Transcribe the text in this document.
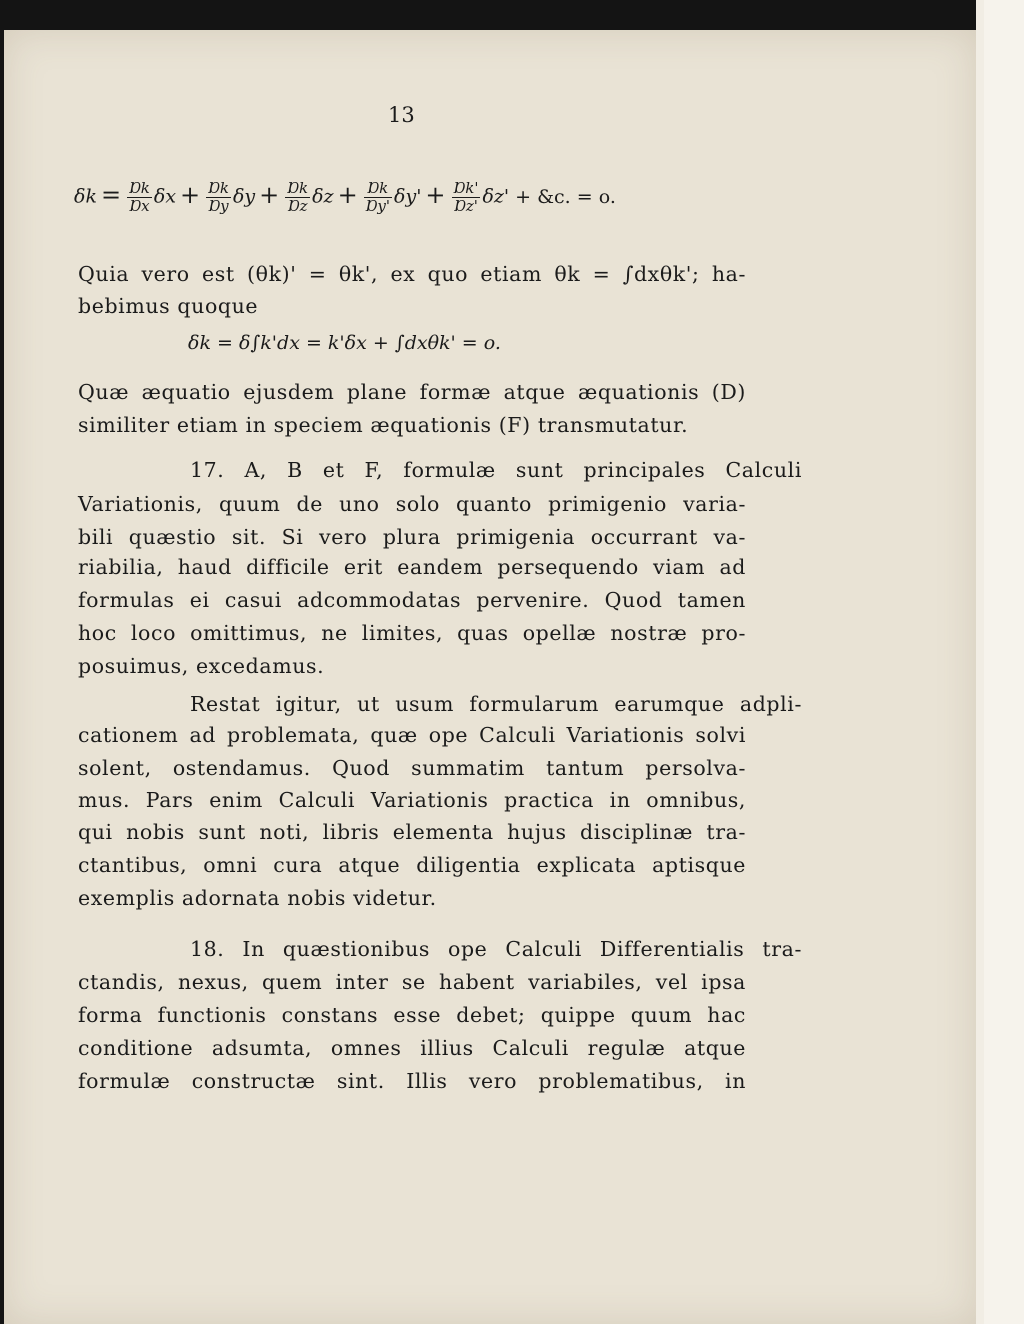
13
$\delta k = \frac{\text{Ɒk}}{\text{Ɒx}}$ $\delta x + \frac{\text{Ɒk}}{\text{Ɒy}}$ $\delta y + \frac{\text{Ɒk}}{\text{Ɒz}}$ $\delta z + \frac{\text{Ɒk}}{\text{Ɒy'}} \delta y' + \frac{\text{Ɒk'}}{\text{Ɒz'}} \delta z'$ + &c. = o.
Quia vero est (θk)' = θk', ex quo etiam θk = ∫dxθk'; ha-
bebimus quoque
δk = δ∫k'dx = k'δx + ∫dxθk' = o.
Quæ æquatio ejusdem plane formæ atque æquationis (D)
similiter etiam in speciem æquationis (F) transmutatur.
17. A, B et F, formulæ sunt principales Calculi
Variationis, quum de uno solo quanto primigenio varia-
bili quæstio sit. Si vero plura primigenia occurrant va-
riabilia, haud difficile erit eandem persequendo viam ad
formulas ei casui adcommodatas pervenire. Quod tamen
hoc loco omittimus, ne limites, quas opellæ nostræ pro-
posuimus, excedamus.
Restat igitur, ut usum formularum earumque adpli-
cationem ad problemata, quæ ope Calculi Variationis solvi
solent, ostendamus. Quod summatim tantum persolva-
mus. Pars enim Calculi Variationis practica in omnibus,
qui nobis sunt noti, libris elementa hujus disciplinæ tra-
ctantibus, omni cura atque diligentia explicata aptisque
exemplis adornata nobis videtur.
18. In quæstionibus ope Calculi Differentialis tra-
ctandis, nexus, quem inter se habent variabiles, vel ipsa
forma functionis constans esse debet; quippe quum hac
conditione adsumta, omnes illius Calculi regulæ atque
formulæ constructæ sint. Illis vero problematibus, in
